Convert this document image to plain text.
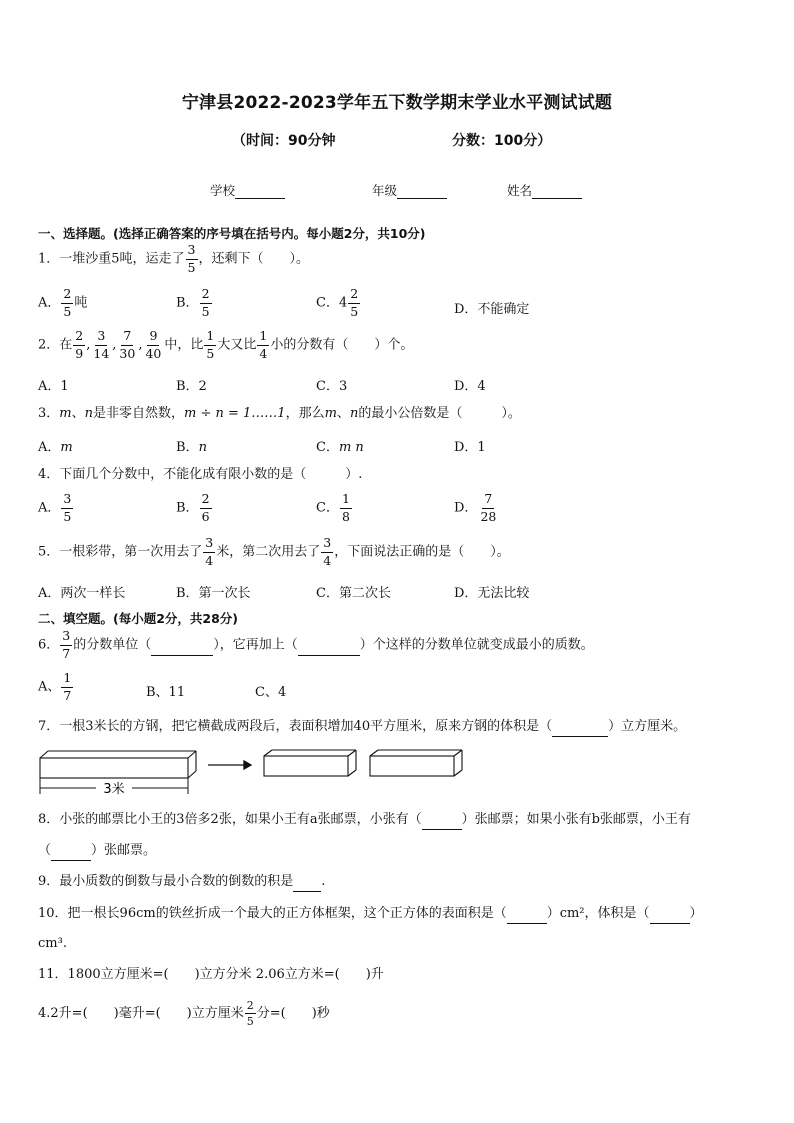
宁津县2022-2023学年五下数学期末学业水平测试试题
（时间：90分钟	分数：100分）
学校	年级	姓名
一、选择题。(选择正确答案的序号填在括号内。每小题2分，共10分)
1．一堆沙重5吨，运走了 $\frac{3}{5}$ ，还剩下（　　）。
A． $\frac{2}{5}$ 吨	B． $\frac{2}{5}$	C．$4 \frac{2}{5}$	D．不能确定
2．在 $\frac{2}{9}$ , $\frac{3}{14}$ , $\frac{7}{30}$ , $\frac{9}{40}$ 中，比 $\frac{1}{5}$ 大又比 $\frac{1}{4}$ 小的分数有（　　）个。
A．1	B．2	C．3	D．4
3．m、n是非零自然数，m ÷ n = 1……1，那么m、n的最小公倍数是（　　　）。
A．m	B．n	C．m n	D．1
4．下面几个分数中，不能化成有限小数的是（　　　）.
A． $\frac{3}{5}$	B． $\frac{2}{6}$	C． $\frac{1}{8}$	D． $\frac{7}{28}$
5．一根彩带，第一次用去了 $\frac{3}{4}$ 米，第二次用去了 $\frac{3}{4}$ ，下面说法正确的是（　　）。
A．两次一样长	B．第一次长	C．第二次长	D．无法比较
二、填空题。(每小题2分，共28分)
6． $\frac{3}{7}$ 的分数单位（	），它再加上（	）个这样的分数单位就变成最小的质数。
A、 $\frac{1}{7}$	B、11	C、4
7．一根3米长的方钢，把它横截成两段后，表面积增加40平方厘米，原来方钢的体积是（	）立方厘米。
3米
8．小张的邮票比小王的3倍多2张，如果小王有a张邮票，小张有（	）张邮票；如果小张有b张邮票，小王有
（	）张邮票。
9．最小质数的倒数与最小合数的倒数的积是 .
10．把一根长96cm的铁丝折成一个最大的正方体框架，这个正方体的表面积是（	）cm²，体积是（	）
cm³.
11．1800立方厘米=(　　)立方分米 2.06立方米=(　　)升
4.2升=(　　)毫升=(　　)立方厘米 $\frac{2}{5}$ 分=(　　)秒
